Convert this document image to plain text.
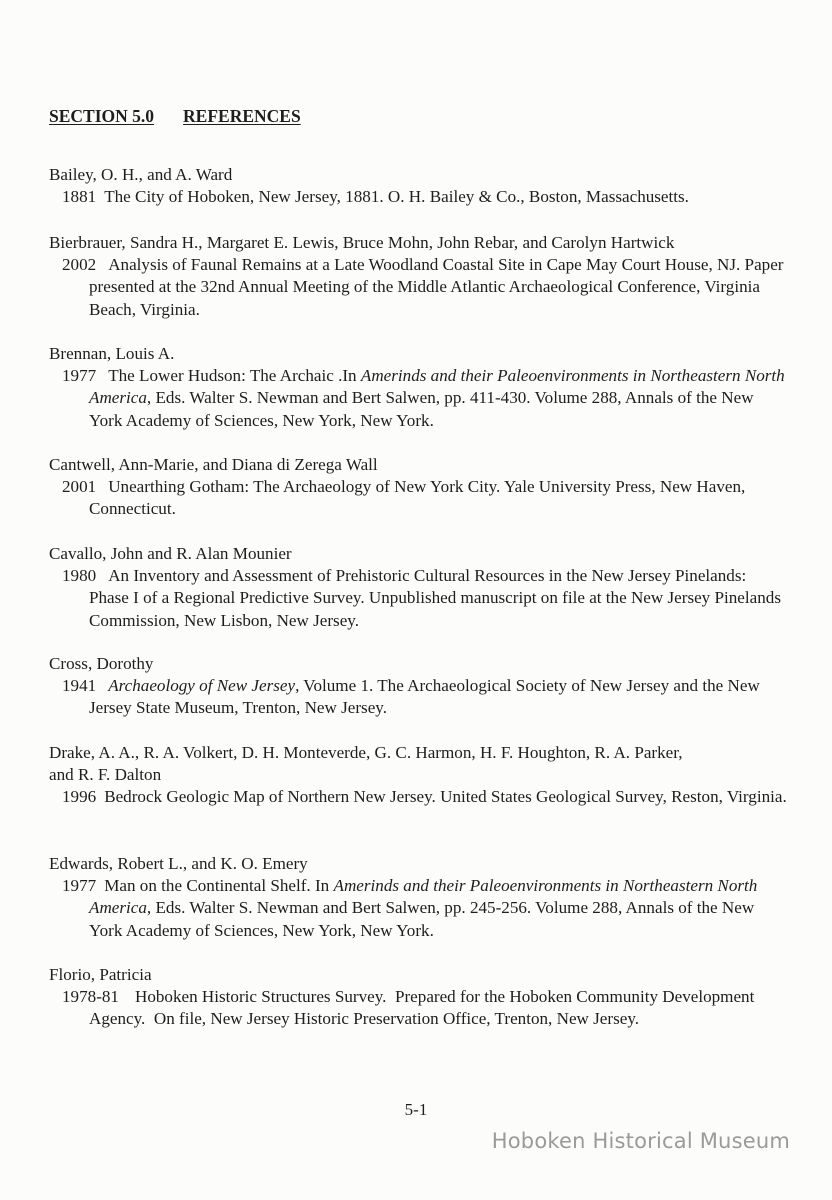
SECTION 5.0 REFERENCES
Bailey, O. H., and A. Ward
1881 The City of Hoboken, New Jersey, 1881. O. H. Bailey & Co., Boston, Massachusetts.
Bierbrauer, Sandra H., Margaret E. Lewis, Bruce Mohn, John Rebar, and Carolyn Hartwick
2002 Analysis of Faunal Remains at a Late Woodland Coastal Site in Cape May Court House, NJ. Paper presented at the 32nd Annual Meeting of the Middle Atlantic Archaeological Conference, Virginia Beach, Virginia.
Brennan, Louis A.
1977 The Lower Hudson: The Archaic .In Amerinds and their Paleoenvironments in Northeastern North America, Eds. Walter S. Newman and Bert Salwen, pp. 411-430. Volume 288, Annals of the New York Academy of Sciences, New York, New York.
Cantwell, Ann-Marie, and Diana di Zerega Wall
2001 Unearthing Gotham: The Archaeology of New York City. Yale University Press, New Haven, Connecticut.
Cavallo, John and R. Alan Mounier
1980 An Inventory and Assessment of Prehistoric Cultural Resources in the New Jersey Pinelands: Phase I of a Regional Predictive Survey. Unpublished manuscript on file at the New Jersey Pinelands Commission, New Lisbon, New Jersey.
Cross, Dorothy
1941 Archaeology of New Jersey, Volume 1. The Archaeological Society of New Jersey and the New Jersey State Museum, Trenton, New Jersey.
Drake, A. A., R. A. Volkert, D. H. Monteverde, G. C. Harmon, H. F. Houghton, R. A. Parker,
and R. F. Dalton
1996 Bedrock Geologic Map of Northern New Jersey. United States Geological Survey, Reston, Virginia.
Edwards, Robert L., and K. O. Emery
1977 Man on the Continental Shelf. In Amerinds and their Paleoenvironments in Northeastern North America, Eds. Walter S. Newman and Bert Salwen, pp. 245-256. Volume 288, Annals of the New York Academy of Sciences, New York, New York.
Florio, Patricia
1978-81 Hoboken Historic Structures Survey.  Prepared for the Hoboken Community Development Agency.  On file, New Jersey Historic Preservation Office, Trenton, New Jersey.
5-1
Hoboken Historical Museum
